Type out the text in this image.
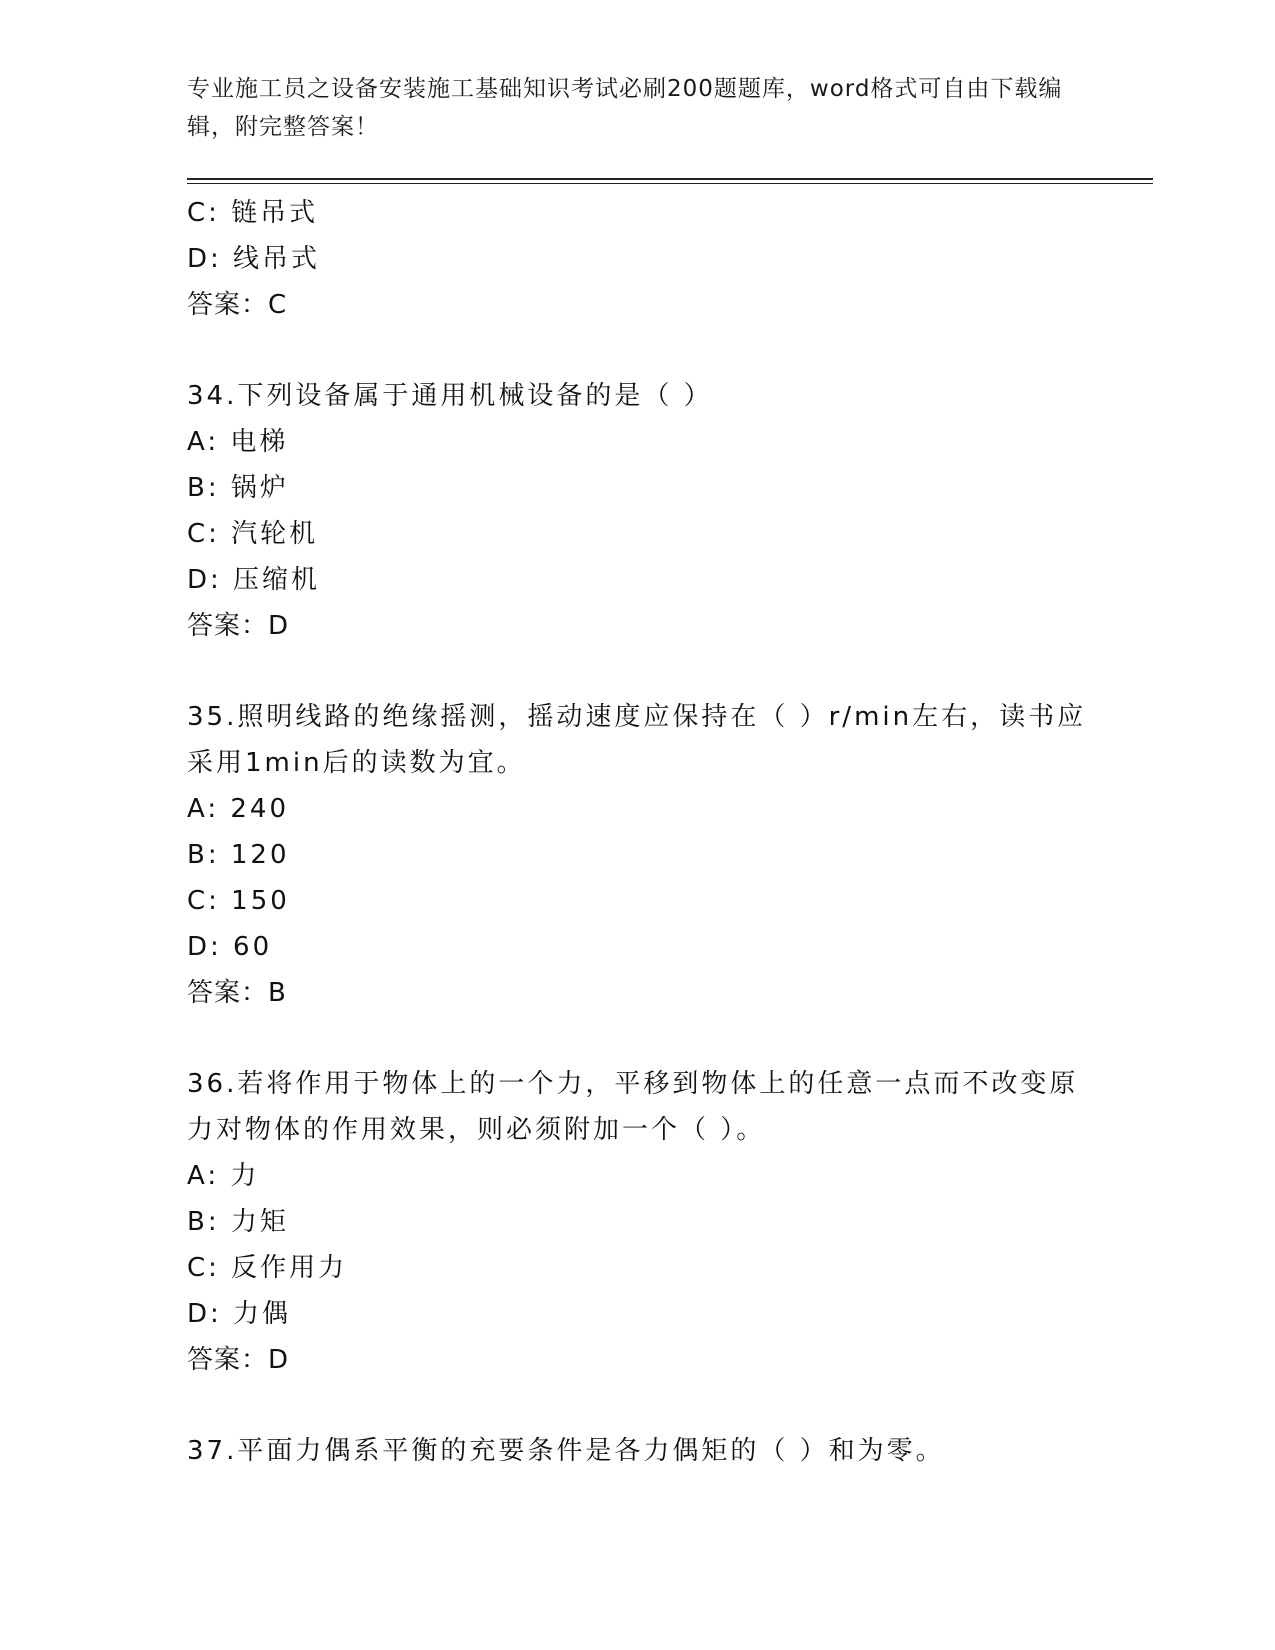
专业施工员之设备安装施工基础知识考试必刷200题题库，word格式可自由下载编辑，附完整答案！
C: 链吊式
D: 线吊式
答案：C
34.下列设备属于通用机械设备的是（ ）
A: 电梯
B: 锅炉
C: 汽轮机
D: 压缩机
答案：D
35.照明线路的绝缘摇测，摇动速度应保持在（ ）r/min左右，读书应采用1min后的读数为宜。
A: 240
B: 120
C: 150
D: 60
答案：B
36.若将作用于物体上的一个力，平移到物体上的任意一点而不改变原力对物体的作用效果，则必须附加一个（ ）。
A: 力
B: 力矩
C: 反作用力
D: 力偶
答案：D
37.平面力偶系平衡的充要条件是各力偶矩的（ ）和为零。
